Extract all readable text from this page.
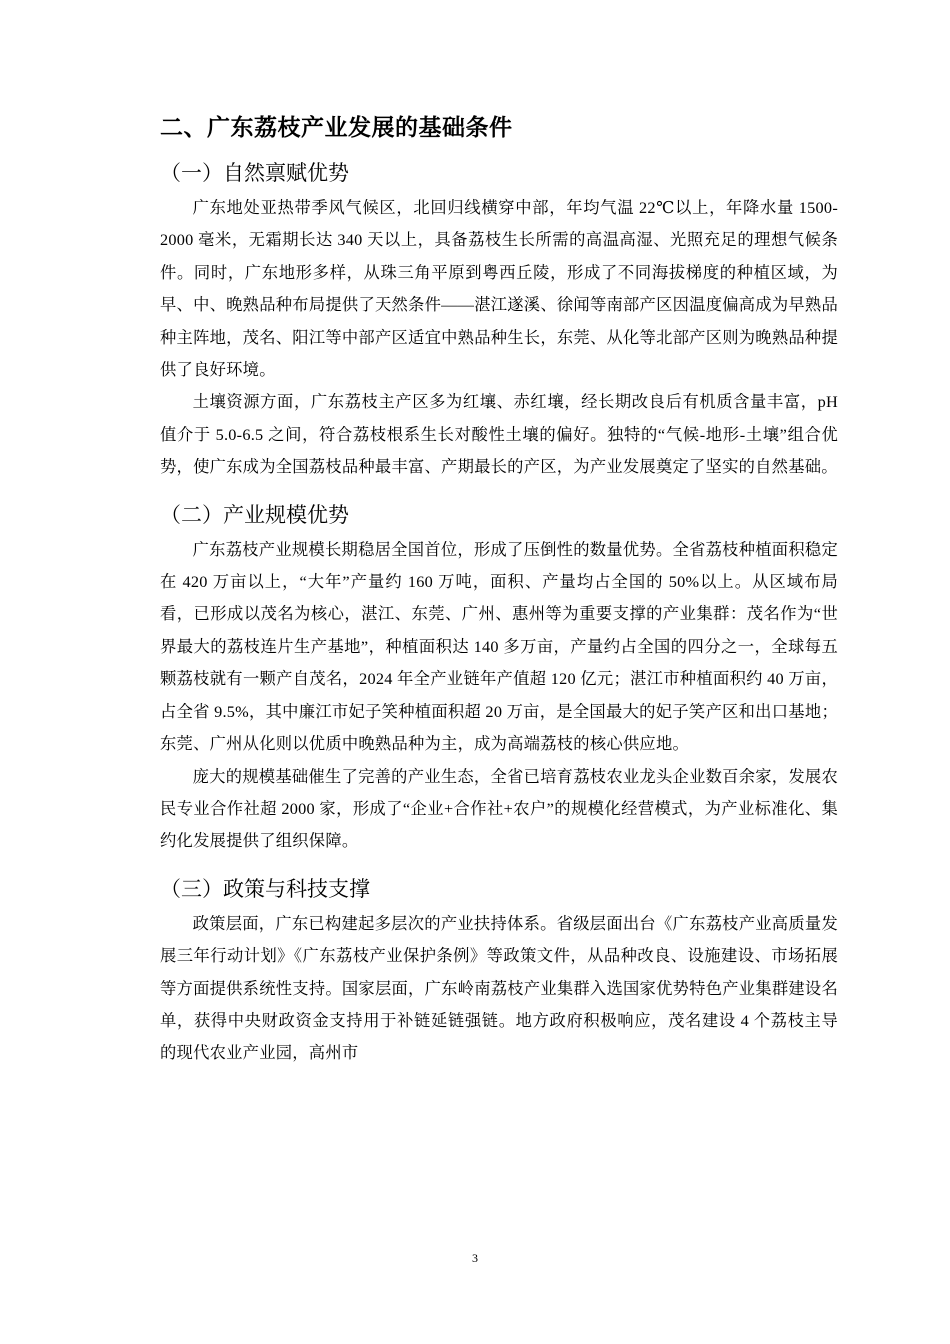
二、广东荔枝产业发展的基础条件
（一）自然禀赋优势

广东地处亚热带季风气候区，北回归线横穿中部，年均气温 22℃以上，年降水量 1500-2000 毫米，无霜期长达 340 天以上，具备荔枝生长所需的高温高湿、光照充足的理想气候条件。同时，广东地形多样，从珠三角平原到粤西丘陵，形成了不同海拔梯度的种植区域，为早、中、晚熟品种布局提供了天然条件——湛江遂溪、徐闻等南部产区因温度偏高成为早熟品种主阵地，茂名、阳江等中部产区适宜中熟品种生长，东莞、从化等北部产区则为晚熟品种提供了良好环境。

土壤资源方面，广东荔枝主产区多为红壤、赤红壤，经长期改良后有机质含量丰富，pH 值介于 5.0-6.5 之间，符合荔枝根系生长对酸性土壤的偏好。独特的“气候-地形-土壤”组合优势，使广东成为全国荔枝品种最丰富、产期最长的产区，为产业发展奠定了坚实的自然基础。

（二）产业规模优势

广东荔枝产业规模长期稳居全国首位，形成了压倒性的数量优势。全省荔枝种植面积稳定在 420 万亩以上，“大年”产量约 160 万吨，面积、产量均占全国的 50%以上。从区域布局看，已形成以茂名为核心，湛江、东莞、广州、惠州等为重要支撑的产业集群：茂名作为“世界最大的荔枝连片生产基地”，种植面积达 140 多万亩，产量约占全国的四分之一，全球每五颗荔枝就有一颗产自茂名，2024 年全产业链年产值超 120 亿元；湛江市种植面积约 40 万亩，占全省 9.5%，其中廉江市妃子笑种植面积超 20 万亩，是全国最大的妃子笑产区和出口基地；东莞、广州从化则以优质中晚熟品种为主，成为高端荔枝的核心供应地。

庞大的规模基础催生了完善的产业生态，全省已培育荔枝农业龙头企业数百余家，发展农民专业合作社超 2000 家，形成了“企业+合作社+农户”的规模化经营模式，为产业标准化、集约化发展提供了组织保障。

（三）政策与科技支撑

政策层面，广东已构建起多层次的产业扶持体系。省级层面出台《广东荔枝产业高质量发展三年行动计划》《广东荔枝产业保护条例》等政策文件，从品种改良、设施建设、市场拓展等方面提供系统性支持。国家层面，广东岭南荔枝产业集群入选国家优势特色产业集群建设名单，获得中央财政资金支持用于补链延链强链。地方政府积极响应，茂名建设 4 个荔枝主导的现代农业产业园，高州市

3
